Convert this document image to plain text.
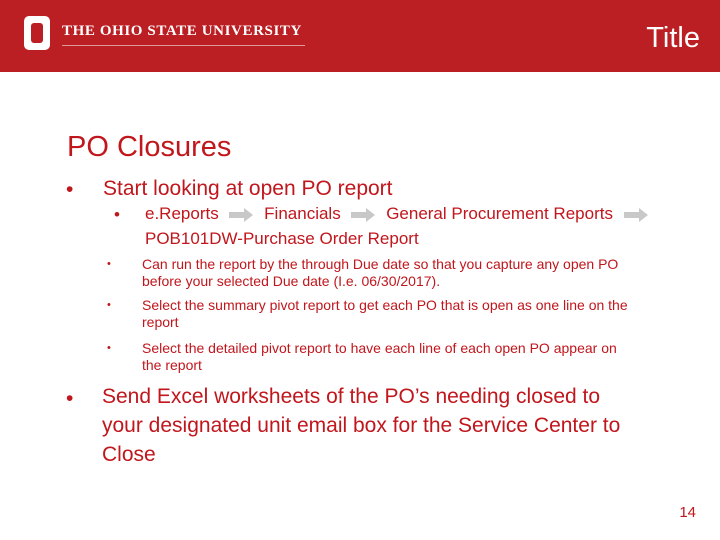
THE OHIO STATE UNIVERSITY	Title
PO Closures
• Start looking at open PO report
• e.Reports	Financials	General Procurement Reports
POB101DW-Purchase Order Report
• Can run the report by the through Due date so that you capture any open PO
before your selected Due date (I.e. 06/30/2017).
• Select the summary pivot report to get each PO that is open as one line on the
report
• Select the detailed pivot report to have each line of each open PO appear on
the report
• Send Excel worksheets of the PO’s needing closed to
your designated unit email box for the Service Center to
Close
14
